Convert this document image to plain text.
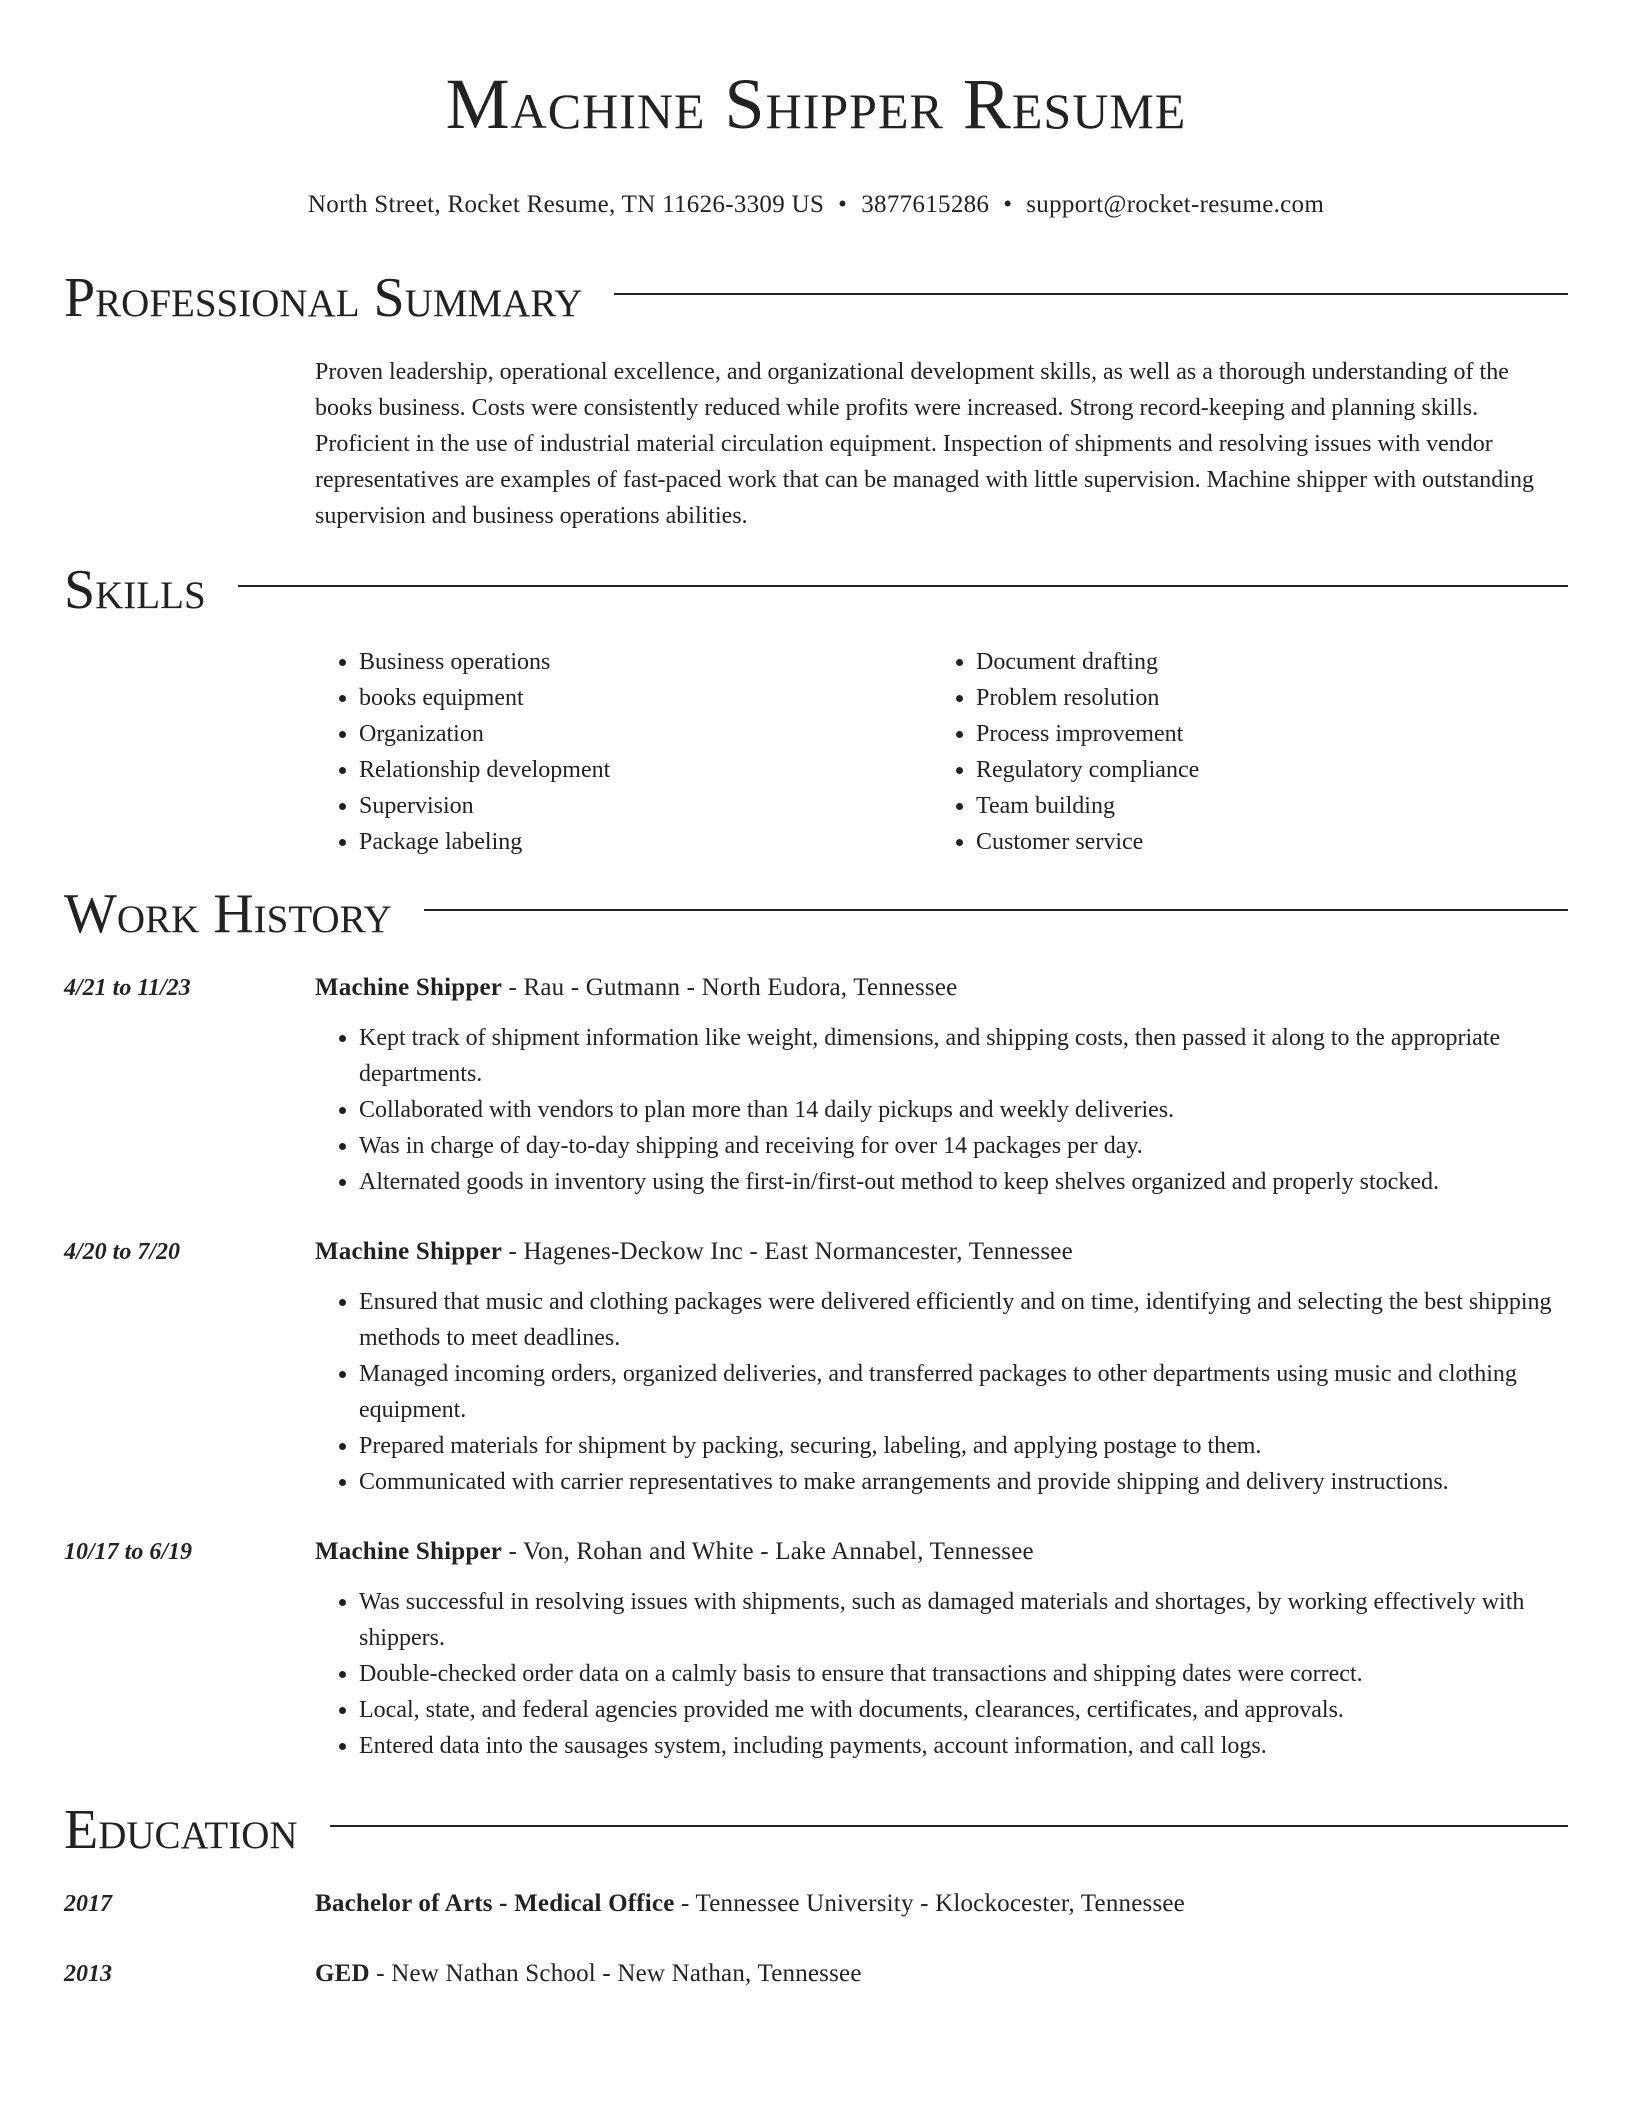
Machine Shipper Resume
North Street, Rocket Resume, TN 11626-3309 US • 3877615286 • support@rocket-resume.com
Professional Summary
Proven leadership, operational excellence, and organizational development skills, as well as a thorough understanding of the books business. Costs were consistently reduced while profits were increased. Strong record-keeping and planning skills. Proficient in the use of industrial material circulation equipment. Inspection of shipments and resolving issues with vendor representatives are examples of fast-paced work that can be managed with little supervision. Machine shipper with outstanding supervision and business operations abilities.
Skills
• Business operations
• books equipment
• Organization
• Relationship development
• Supervision
• Package labeling
• Document drafting
• Problem resolution
• Process improvement
• Regulatory compliance
• Team building
• Customer service
Work History
4/21 to 11/23	Machine Shipper - Rau - Gutmann - North Eudora, Tennessee
• Kept track of shipment information like weight, dimensions, and shipping costs, then passed it along to the appropriate departments.
• Collaborated with vendors to plan more than 14 daily pickups and weekly deliveries.
• Was in charge of day-to-day shipping and receiving for over 14 packages per day.
• Alternated goods in inventory using the first-in/first-out method to keep shelves organized and properly stocked.
4/20 to 7/20	Machine Shipper - Hagenes-Deckow Inc - East Normancester, Tennessee
• Ensured that music and clothing packages were delivered efficiently and on time, identifying and selecting the best shipping methods to meet deadlines.
• Managed incoming orders, organized deliveries, and transferred packages to other departments using music and clothing equipment.
• Prepared materials for shipment by packing, securing, labeling, and applying postage to them.
• Communicated with carrier representatives to make arrangements and provide shipping and delivery instructions.
10/17 to 6/19	Machine Shipper - Von, Rohan and White - Lake Annabel, Tennessee
• Was successful in resolving issues with shipments, such as damaged materials and shortages, by working effectively with shippers.
• Double-checked order data on a calmly basis to ensure that transactions and shipping dates were correct.
• Local, state, and federal agencies provided me with documents, clearances, certificates, and approvals.
• Entered data into the sausages system, including payments, account information, and call logs.
Education
2017	Bachelor of Arts - Medical Office - Tennessee University - Klockocester, Tennessee
2013	GED - New Nathan School - New Nathan, Tennessee
